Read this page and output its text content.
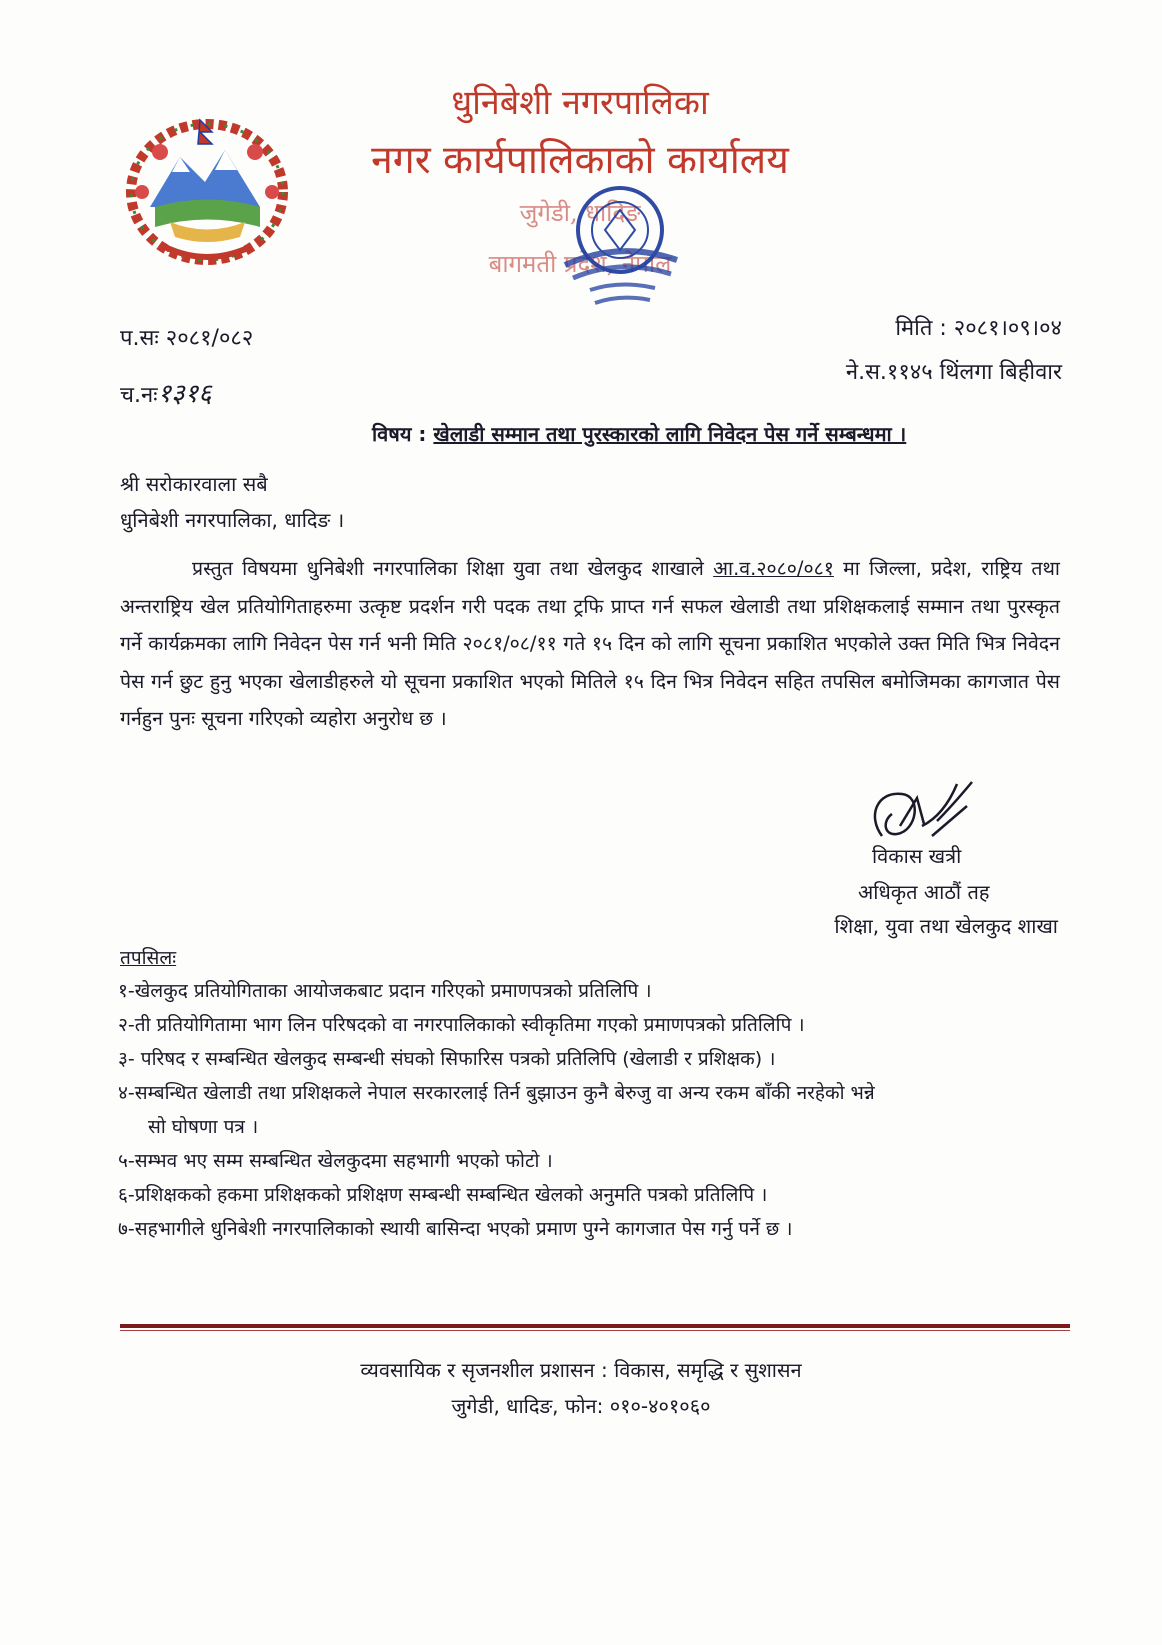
धुनिबेशी नगरपालिका
नगर कार्यपालिकाको कार्यालय
जुगेडी, धादिङ
बागमती प्रदेश, नेपाल
प.सः २०८१/०८२
च.नः१३१६
मिति : २०८१।०९।०४
ने.स.११४५ थिंलगा बिहीवार
विषय : खेलाडी सम्मान तथा पुरस्कारको लागि निवेदन पेस गर्ने सम्बन्धमा ।
श्री सरोकारवाला सबै
धुनिबेशी नगरपालिका, धादिङ ।
प्रस्तुत विषयमा धुनिबेशी नगरपालिका शिक्षा युवा तथा खेलकुद शाखाले आ.व.२०८०/०८१ मा जिल्ला, प्रदेश, राष्ट्रिय तथा अन्तराष्ट्रिय खेल प्रतियोगिताहरुमा उत्कृष्ट प्रदर्शन गरी पदक तथा ट्रफि प्राप्त गर्न सफल खेलाडी तथा प्रशिक्षकलाई सम्मान तथा पुरस्कृत गर्ने कार्यक्रमका लागि निवेदन पेस गर्न भनी मिति २०८१/०८/११ गते १५ दिन को लागि सूचना प्रकाशित भएकोले उक्त मिति भित्र निवेदन पेस गर्न छुट हुनु भएका खेलाडीहरुले यो सूचना प्रकाशित भएको मितिले १५ दिन भित्र निवेदन सहित तपसिल बमोजिमका कागजात पेस गर्नहुन पुनः सूचना गरिएको व्यहोरा अनुरोध छ ।
विकास खत्री
अधिकृत आठौं तह
शिक्षा, युवा तथा खेलकुद शाखा
तपसिलः
१-खेलकुद प्रतियोगिताका आयोजकबाट प्रदान गरिएको प्रमाणपत्रको प्रतिलिपि ।
२-ती प्रतियोगितामा भाग लिन परिषदको वा नगरपालिकाको स्वीकृतिमा गएको प्रमाणपत्रको प्रतिलिपि ।
३- परिषद र सम्बन्धित खेलकुद सम्बन्धी संघको सिफारिस पत्रको प्रतिलिपि (खेलाडी र प्रशिक्षक) ।
४-सम्बन्धित खेलाडी तथा प्रशिक्षकले नेपाल सरकारलाई तिर्न बुझाउन कुनै बेरुजु वा अन्य रकम बाँकी नरहेको भन्ने
सो घोषणा पत्र ।
५-सम्भव भए सम्म सम्बन्धित खेलकुदमा सहभागी भएको फोटो ।
६-प्रशिक्षकको हकमा प्रशिक्षकको प्रशिक्षण सम्बन्धी सम्बन्धित खेलको अनुमति पत्रको प्रतिलिपि ।
७-सहभागीले धुनिबेशी नगरपालिकाको स्थायी बासिन्दा भएको प्रमाण पुग्ने कागजात पेस गर्नु पर्ने छ ।
व्यवसायिक र सृजनशील प्रशासन : विकास, समृद्धि र सुशासन
जुगेडी, धादिङ, फोन: ०१०-४०१०६०
